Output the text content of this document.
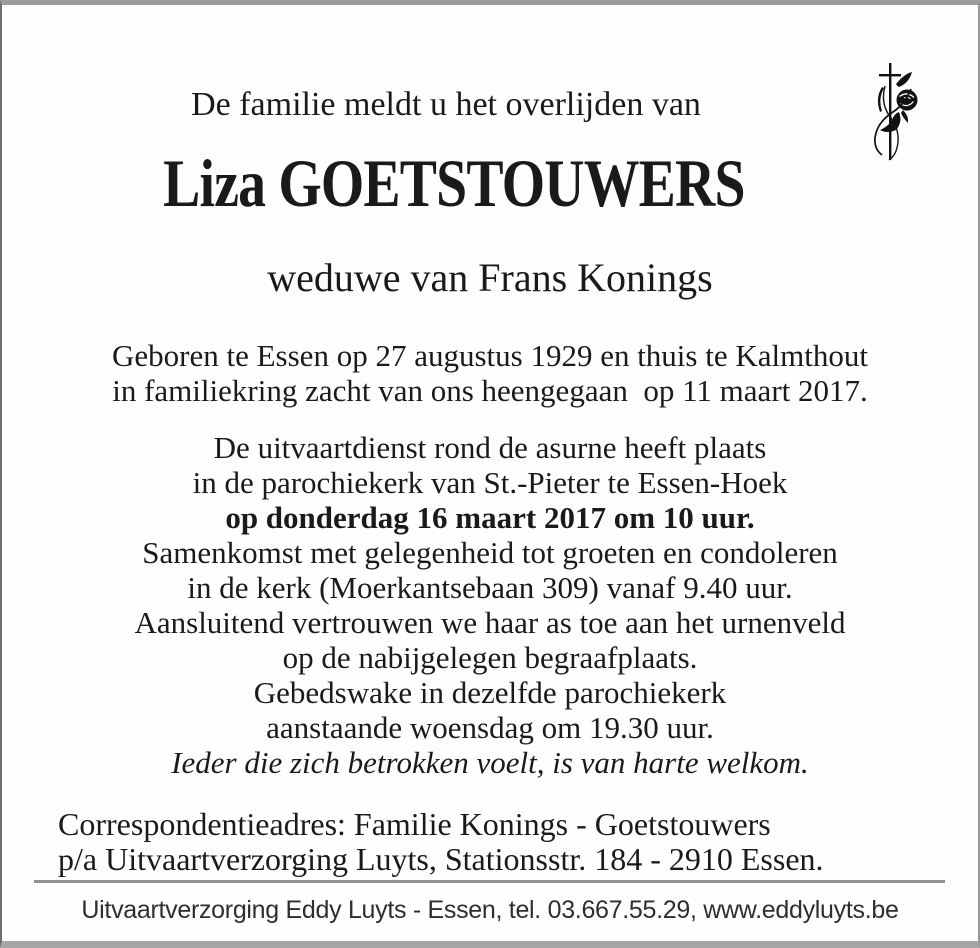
De familie meldt u het overlijden van
Liza GOETSTOUWERS
weduwe van Frans Konings
Geboren te Essen op 27 augustus 1929 en thuis te Kalmthout
in familiekring zacht van ons heengegaan  op 11 maart 2017.
De uitvaartdienst rond de asurne heeft plaats
in de parochiekerk van St.-Pieter te Essen-Hoek
op donderdag 16 maart 2017 om 10 uur.
Samenkomst met gelegenheid tot groeten en condoleren
in de kerk (Moerkantsebaan 309) vanaf 9.40 uur.
Aansluitend vertrouwen we haar as toe aan het urnenveld
op de nabijgelegen begraafplaats.
Gebedswake in dezelfde parochiekerk
aanstaande woensdag om 19.30 uur.
Ieder die zich betrokken voelt, is van harte welkom.
Correspondentieadres: Familie Konings - Goetstouwers
p/a Uitvaartverzorging Luyts, Stationsstr. 184 - 2910 Essen.
Uitvaartverzorging Eddy Luyts - Essen, tel. 03.667.55.29, www.eddyluyts.be
